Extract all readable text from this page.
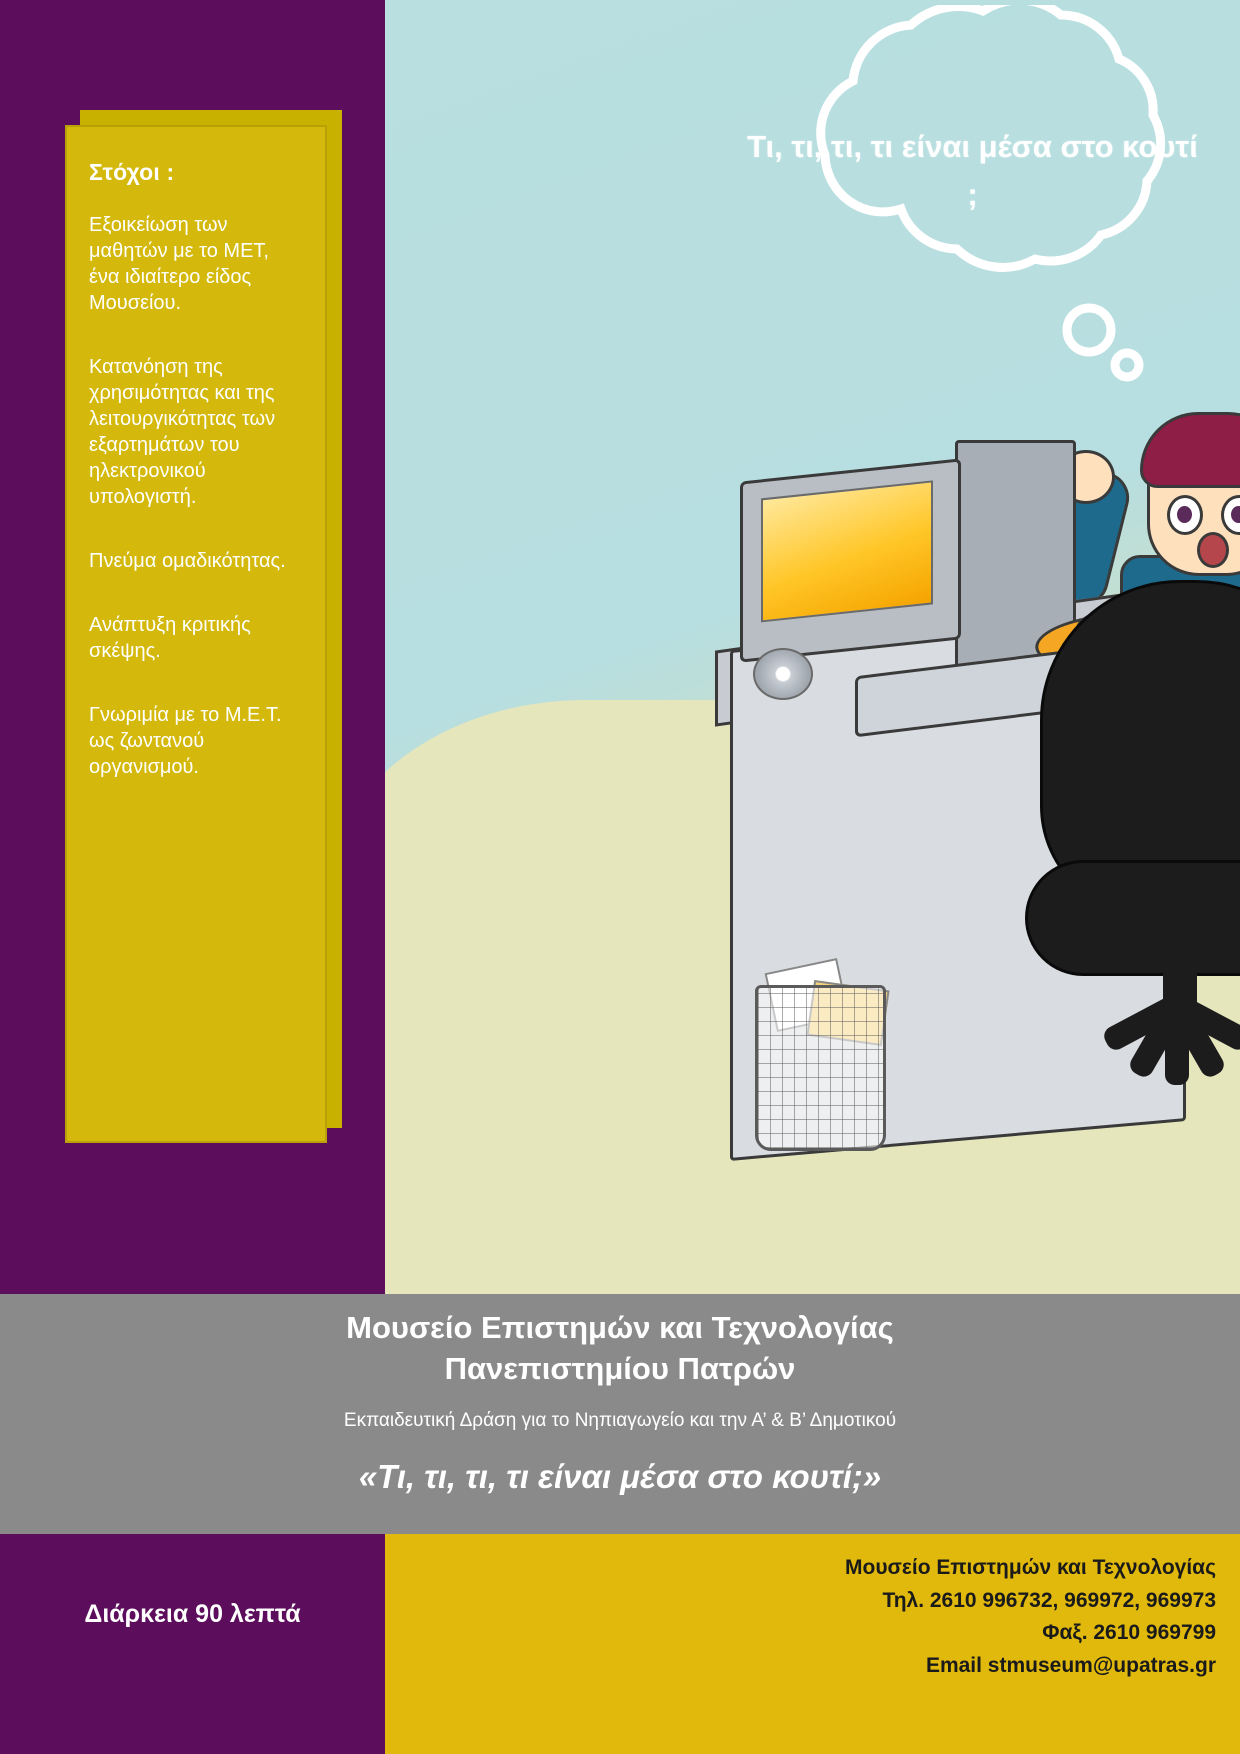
Τι, τι, τι, τι είναι μέσα στο κουτί ;
Στόχοι :

Εξοικείωση των μαθητών με το ΜΕΤ, ένα ιδιαίτερο είδος Μουσείου.

Κατανόηση της χρησιμότητας και της λειτουργικότητας των εξαρτημάτων του ηλεκτρονικού υπολογιστή.

Πνεύμα ομαδικότητας.

Ανάπτυξη κριτικής σκέψης.

Γνωριμία με το Μ.Ε.Τ. ως ζωντανού οργανισμού.

Μουσείο Επιστημών και Τεχνολογίας
Πανεπιστημίου Πατρών
Εκπαιδευτική Δράση για το Νηπιαγωγείο και την Α’ & Β’ Δημοτικού
«Τι, τι, τι, τι είναι μέσα στο κουτί;»
Διάρκεια 90 λεπτά
Μουσείο Επιστημών και Τεχνολογίας
Τηλ. 2610 996732, 969972, 969973
Φαξ. 2610 969799
Email stmuseum@upatras.gr
